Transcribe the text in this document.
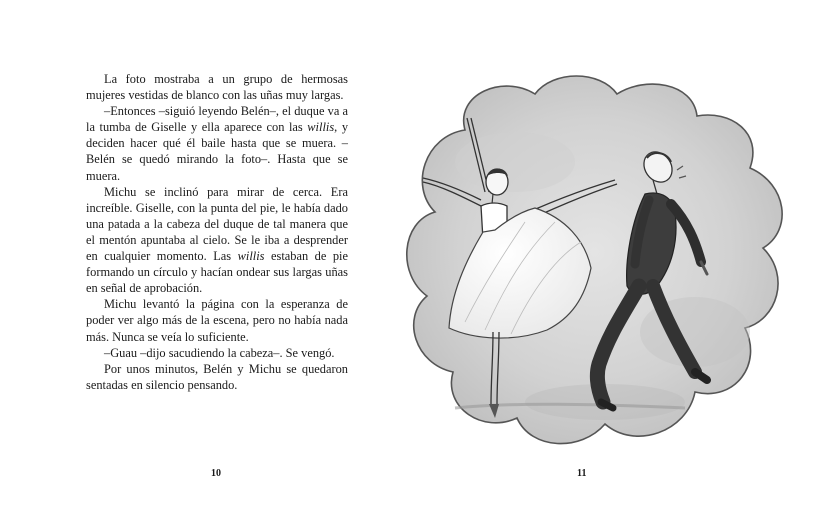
La foto mostraba a un grupo de hermosas mujeres vestidas de blanco con las uñas muy largas.

–Entonces –siguió leyendo Belén–, el duque va a la tumba de Giselle y ella aparece con las willis, y deciden hacer qué él baile hasta que se muera. –Belén se quedó mirando la foto–. Hasta que se muera.

Michu se inclinó para mirar de cerca. Era increíble. Giselle, con la punta del pie, le había dado una patada a la cabeza del duque de tal manera que el mentón apuntaba al cielo. Se le iba a desprender en cualquier momento. Las willis estaban de pie formando un círculo y hacían ondear sus largas uñas en señal de aprobación.

Michu levantó la página con la esperanza de poder ver algo más de la escena, pero no había nada más. Nunca se veía lo suficiente.

–Guau –dijo sacudiendo la cabeza–. Se vengó.

Por unos minutos, Belén y Michu se quedaron sentadas en silencio pensando.

10	11
